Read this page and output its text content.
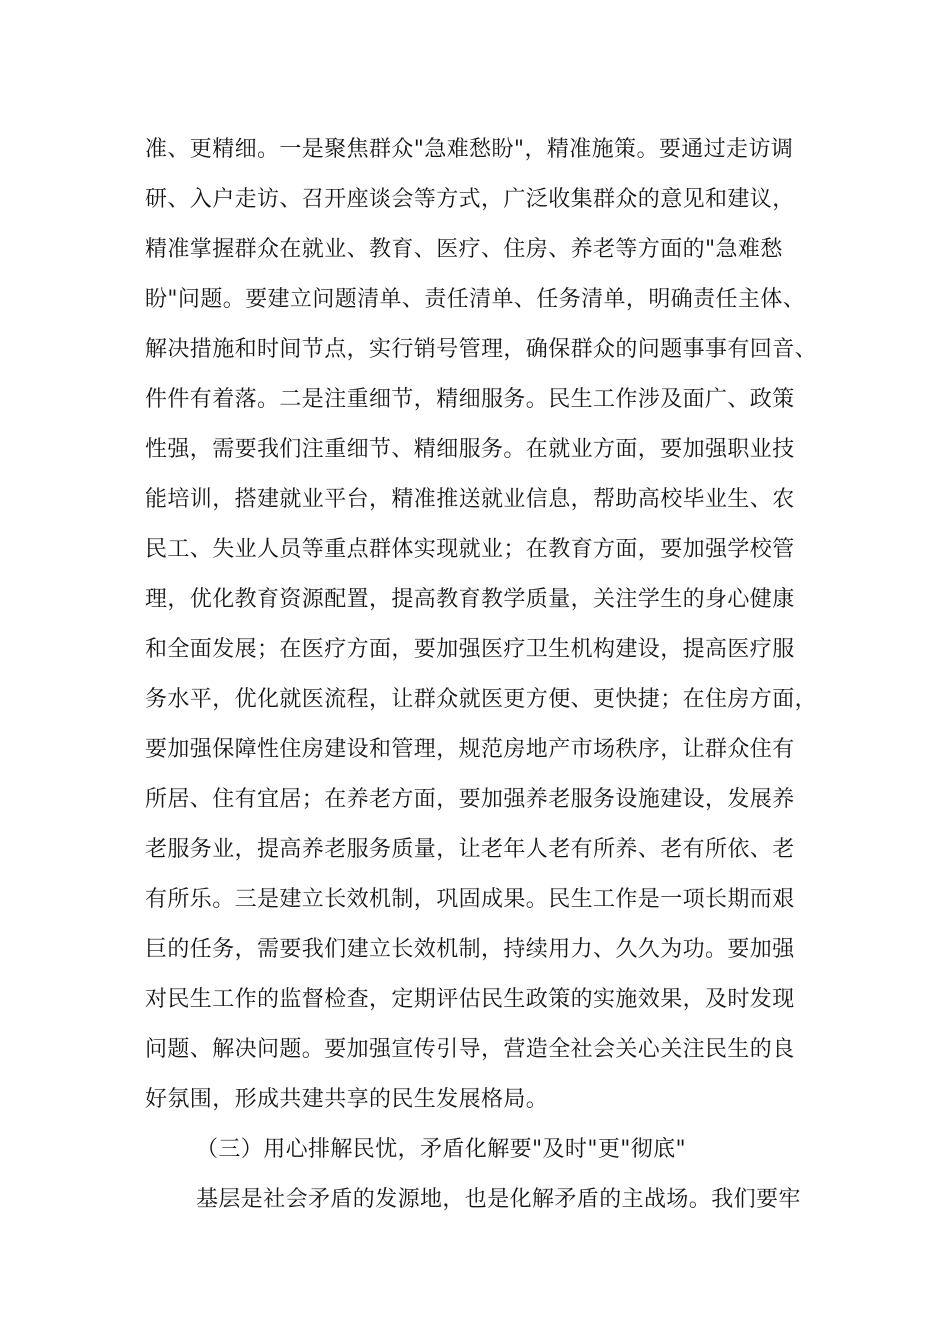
准、更精细。一是聚焦群众"急难愁盼"，精准施策。要通过走访调
研、入户走访、召开座谈会等方式，广泛收集群众的意见和建议，
精准掌握群众在就业、教育、医疗、住房、养老等方面的"急难愁
盼"问题。要建立问题清单、责任清单、任务清单，明确责任主体、
解决措施和时间节点，实行销号管理，确保群众的问题事事有回音、
件件有着落。二是注重细节，精细服务。民生工作涉及面广、政策
性强，需要我们注重细节、精细服务。在就业方面，要加强职业技
能培训，搭建就业平台，精准推送就业信息，帮助高校毕业生、农
民工、失业人员等重点群体实现就业；在教育方面，要加强学校管
理，优化教育资源配置，提高教育教学质量，关注学生的身心健康
和全面发展；在医疗方面，要加强医疗卫生机构建设，提高医疗服
务水平，优化就医流程，让群众就医更方便、更快捷；在住房方面，
要加强保障性住房建设和管理，规范房地产市场秩序，让群众住有
所居、住有宜居；在养老方面，要加强养老服务设施建设，发展养
老服务业，提高养老服务质量，让老年人老有所养、老有所依、老
有所乐。三是建立长效机制，巩固成果。民生工作是一项长期而艰
巨的任务，需要我们建立长效机制，持续用力、久久为功。要加强
对民生工作的监督检查，定期评估民生政策的实施效果，及时发现
问题、解决问题。要加强宣传引导，营造全社会关心关注民生的良
好氛围，形成共建共享的民生发展格局。
（三）用心排解民忧，矛盾化解要"及时"更"彻底"
基层是社会矛盾的发源地，也是化解矛盾的主战场。我们要牢
